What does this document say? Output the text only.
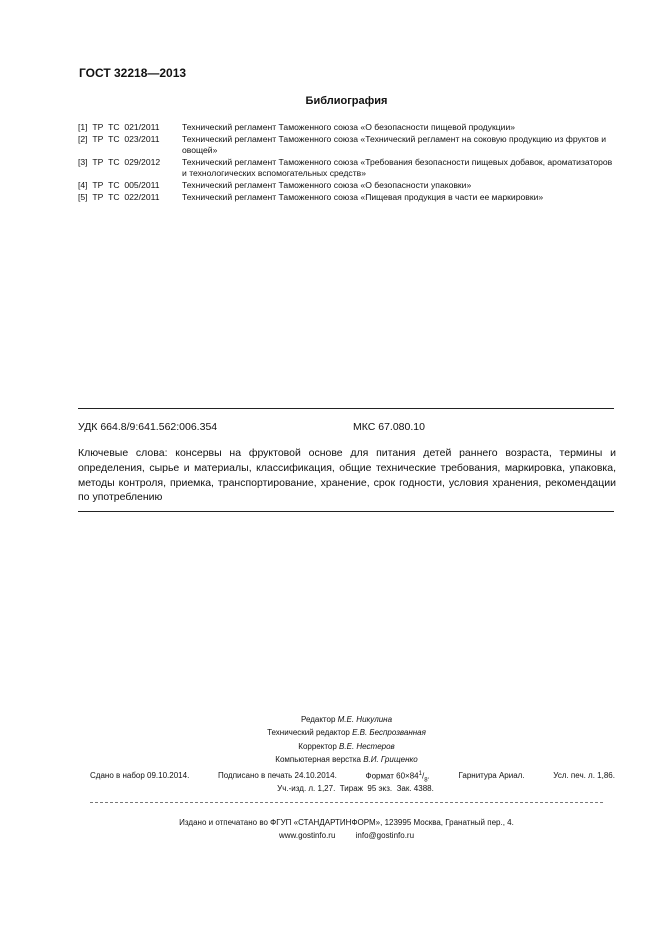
ГОСТ 32218—2013
Библиография
[1]  ТР  ТС  021/2011	Технический регламент Таможенного союза «О безопасности пищевой продукции»
[2]  ТР  ТС  023/2011	Технический регламент Таможенного союза «Технический регламент на соковую продукцию из фруктов и овощей»
[3]  ТР  ТС  029/2012	Технический регламент Таможенного союза «Требования безопасности пищевых добавок, ароматизаторов и технологических вспомогательных средств»
[4]  ТР  ТС  005/2011	Технический регламент Таможенного союза «О безопасности упаковки»
[5]  ТР  ТС  022/2011	Технический регламент Таможенного союза «Пищевая продукция в части ее маркировки»
УДК 664.8/9:641.562:006.354	МКС 67.080.10
Ключевые слова: консервы на фруктовой основе для питания детей раннего возраста, термины и определения, сырье и материалы, классификация, общие технические требования, маркировка, упаковка, методы контроля, приемка, транспортирование, хранение, срок годности, условия хранения, рекомендации по употреблению
Редактор М.Е. Никулина
Технический редактор Е.В. Беспрозванная
Корректор В.Е. Нестеров
Компьютерная верстка В.И. Грищенко
Сдано в набор 09.10.2014.	Подписано в печать 24.10.2014.	Формат $60\times 84^1/_8$.	Гарнитура Ариал.	Усл. печ. л. 1,86.
Уч.-изд. л. 1,27.  Тираж  95 экз.  Зак. 4388.
Издано и отпечатано во ФГУП «СТАНДАРТИНФОРМ», 123995 Москва, Гранатный пер., 4.
www.gostinfo.ru	info@gostinfo.ru
